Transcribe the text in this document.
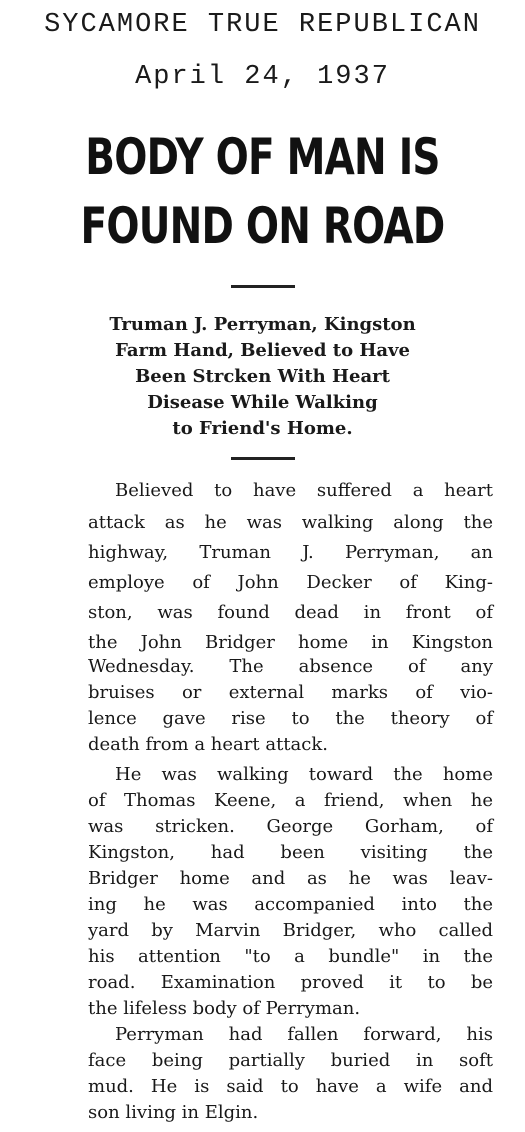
SYCAMORE TRUE REPUBLICAN
April 24, 1937
BODY OF MAN IS
FOUND ON ROAD
Truman J. Perryman, Kingston
Farm Hand, Believed to Have
Been Strcken With Heart
Disease While Walking
to Friend's Home.
Believed to have suffered a heart
attack as he was walking along the
highway, Truman J. Perryman, an
employe of John Decker of King-
ston, was found dead in front of
the John Bridger home in Kingston
Wednesday. The absence of any
bruises or external marks of vio-
lence gave rise to the theory of
death from a heart attack.
He was walking toward the home
of Thomas Keene, a friend, when he
was stricken. George Gorham, of
Kingston, had been visiting the
Bridger home and as he was leav-
ing he was accompanied into the
yard by Marvin Bridger, who called
his attention "to a bundle" in the
road. Examination proved it to be
the lifeless body of Perryman.
Perryman had fallen forward, his
face being partially buried in soft
mud. He is said to have a wife and
son living in Elgin.
